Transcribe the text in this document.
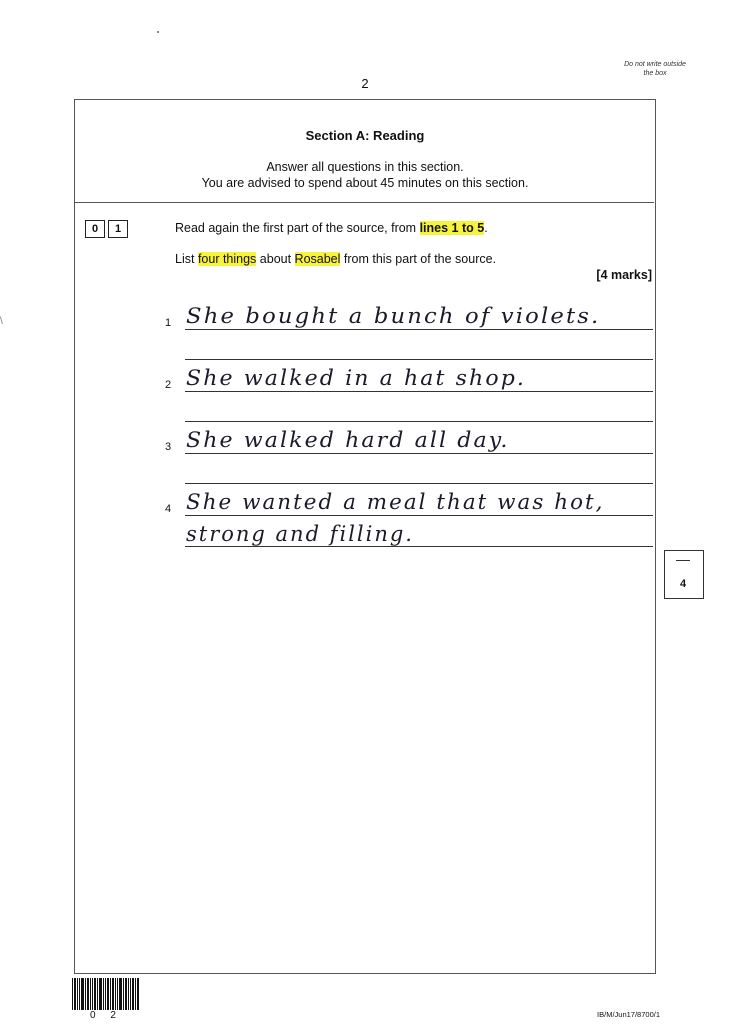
\
2
Do not write outside the box
Section A: Reading
Answer all questions in this section.
You are advised to spend about 45 minutes on this section.
0	1	Read again the first part of the source, from lines 1 to 5.
List four things about Rosabel from this part of the source.
[4 marks]
1 She bought a bunch of violets.
2 She walked in a hat shop.
3 She walked hard all day.
4 She wanted a meal that was hot,
strong and filling.
4
0 2	IB/M/Jun17/8700/1
